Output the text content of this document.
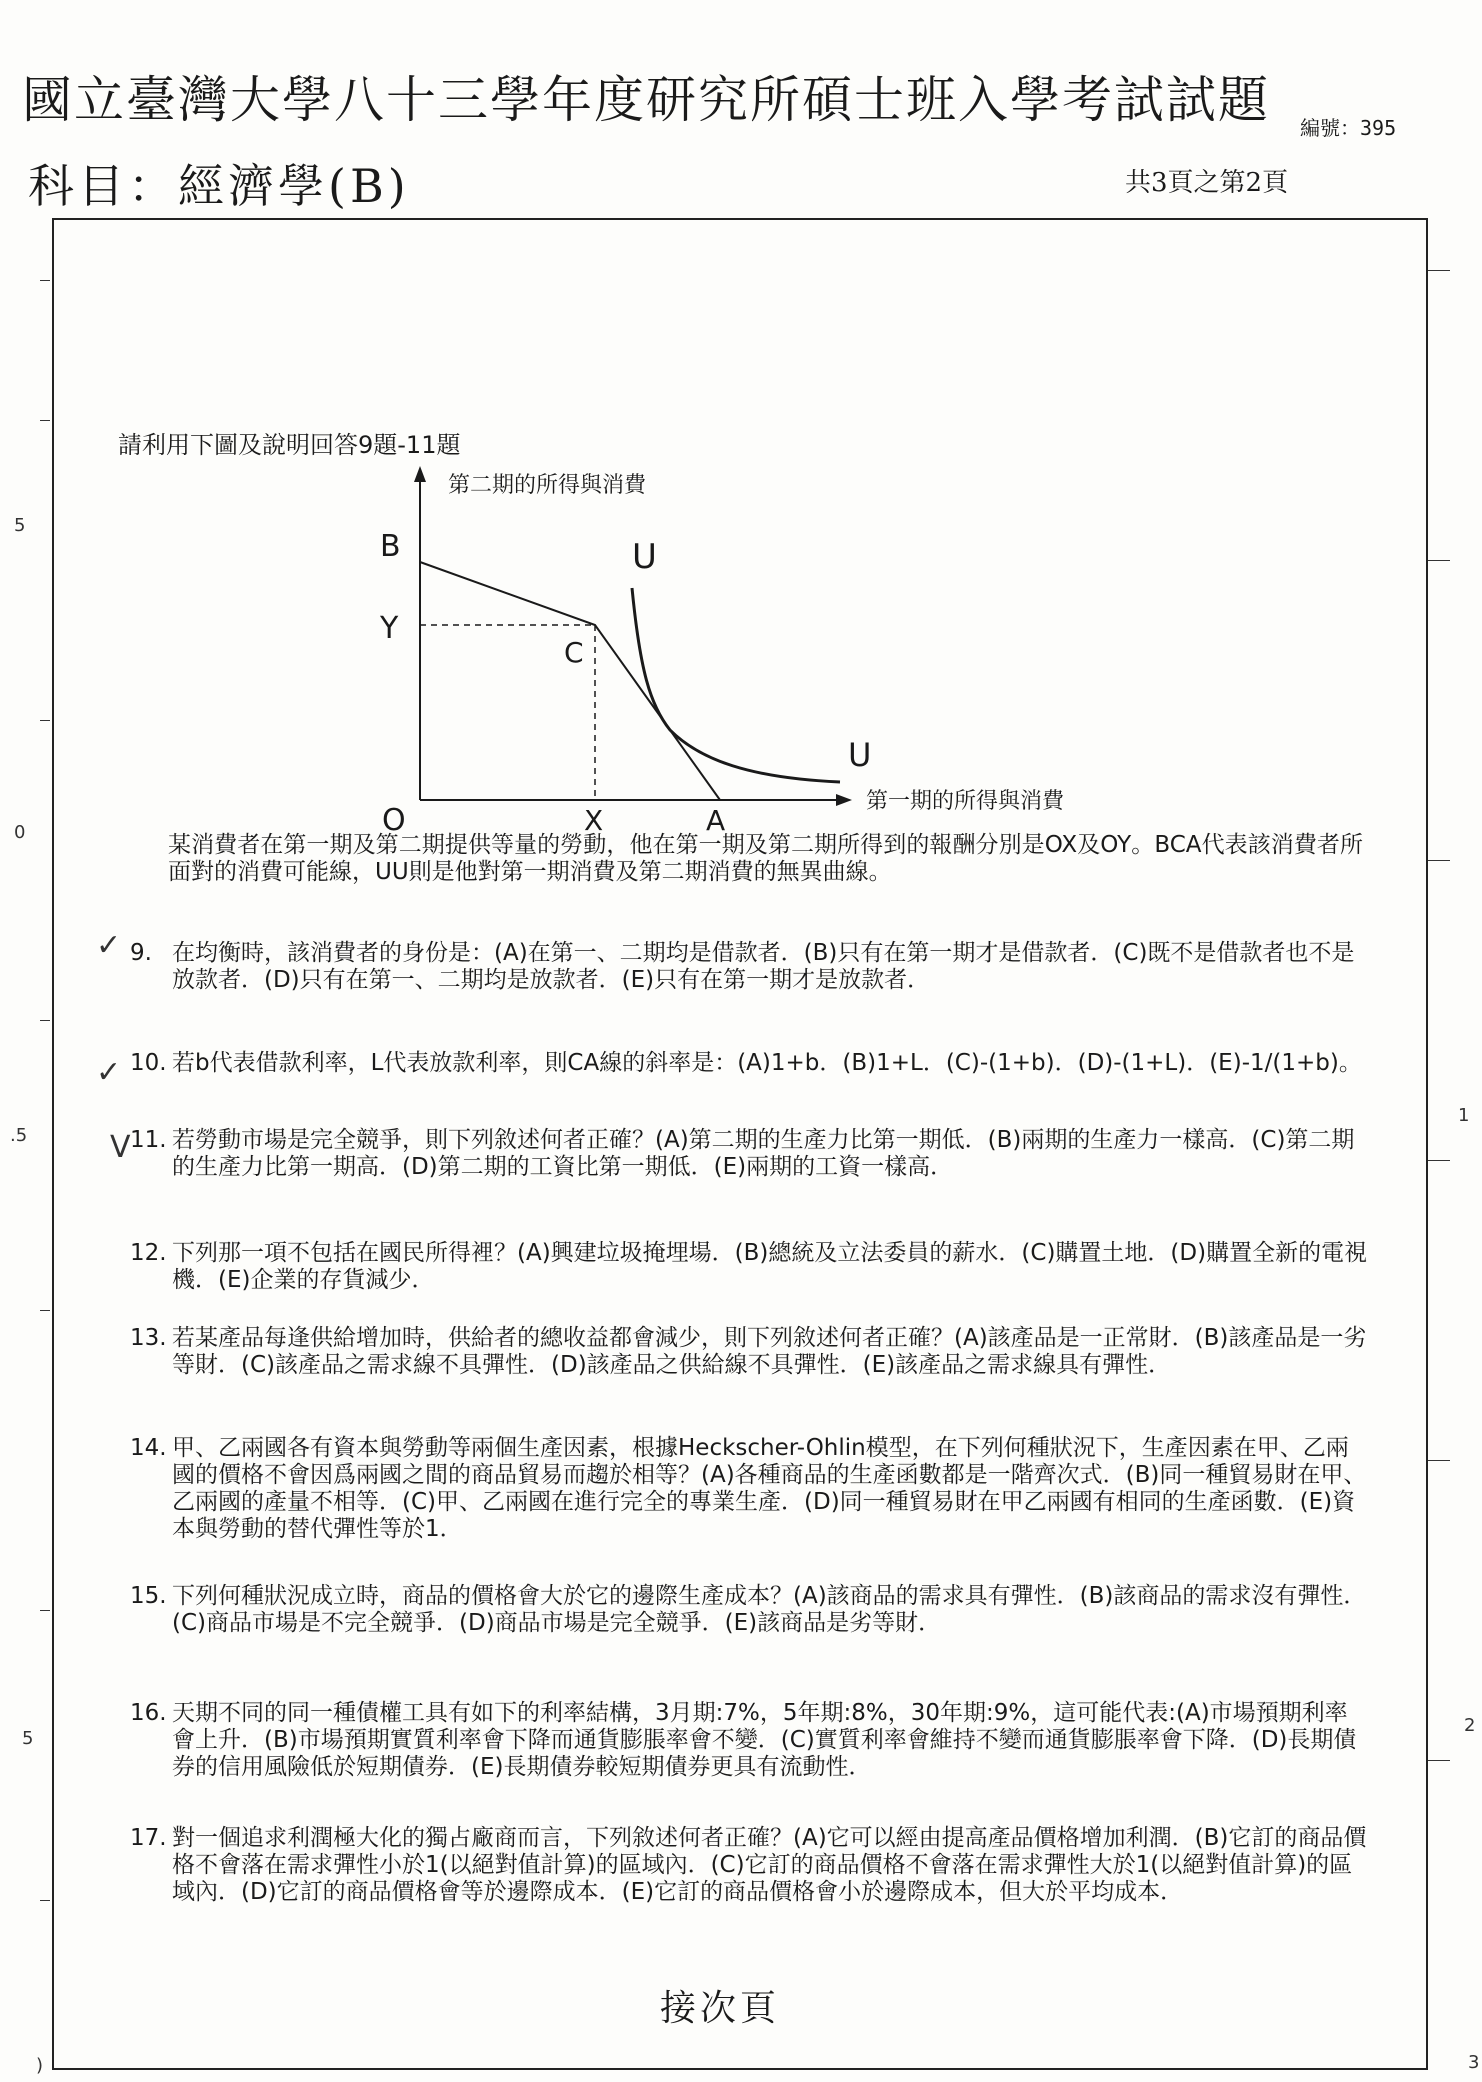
國立臺灣大學八十三學年度研究所碩士班入學考試試題 編號：395
科目：經濟學(B)	共3頁之第2頁
5
0
.5
5
)
1
2
3
請利用下圖及說明回答9題-11題
第二期的所得與消費
第一期的所得與消費
B
Y
C
O	X	A
U
U
某消費者在第一期及第二期提供等量的勞動，他在第一期及第二期所得到的報酬分別是OX及OY。BCA代表該消費者所面對的消費可能線，UU則是他對第一期消費及第二期消費的無異曲線。
✓
✓
V
9. 在均衡時，該消費者的身份是：(A)在第一、二期均是借款者．(B)只有在第一期才是借款者．(C)既不是借款者也不是放款者．(D)只有在第一、二期均是放款者．(E)只有在第一期才是放款者．
10. 若b代表借款利率，L代表放款利率，則CA線的斜率是：(A)1+b．(B)1+L．(C)-(1+b)．(D)-(1+L)．(E)-1/(1+b)。
11. 若勞動市場是完全競爭，則下列敘述何者正確？(A)第二期的生產力比第一期低．(B)兩期的生產力一樣高．(C)第二期的生產力比第一期高．(D)第二期的工資比第一期低．(E)兩期的工資一樣高．
12. 下列那一項不包括在國民所得裡？(A)興建垃圾掩埋場．(B)總統及立法委員的薪水．(C)購置土地．(D)購置全新的電視機．(E)企業的存貨減少．
13. 若某產品每逢供給增加時，供給者的總收益都會減少，則下列敘述何者正確？(A)該產品是一正常財．(B)該產品是一劣等財．(C)該產品之需求線不具彈性．(D)該產品之供給線不具彈性．(E)該產品之需求線具有彈性．
14. 甲、乙兩國各有資本與勞動等兩個生產因素，根據Heckscher-Ohlin模型，在下列何種狀況下，生產因素在甲、乙兩國的價格不會因爲兩國之間的商品貿易而趨於相等？(A)各種商品的生產函數都是一階齊次式．(B)同一種貿易財在甲、乙兩國的產量不相等．(C)甲、乙兩國在進行完全的專業生產．(D)同一種貿易財在甲乙兩國有相同的生產函數．(E)資本與勞動的替代彈性等於1．
15. 下列何種狀況成立時，商品的價格會大於它的邊際生產成本？(A)該商品的需求具有彈性．(B)該商品的需求沒有彈性．(C)商品市場是不完全競爭．(D)商品市場是完全競爭．(E)該商品是劣等財．
16. 天期不同的同一種債權工具有如下的利率結構，3月期:7%，5年期:8%，30年期:9%，這可能代表:(A)市場預期利率會上升．(B)市場預期實質利率會下降而通貨膨脹率會不變．(C)實質利率會維持不變而通貨膨脹率會下降．(D)長期債券的信用風險低於短期債券．(E)長期債券較短期債券更具有流動性．
17. 對一個追求利潤極大化的獨占廠商而言，下列敘述何者正確？(A)它可以經由提高產品價格增加利潤．(B)它訂的商品價格不會落在需求彈性小於1(以絕對值計算)的區域內．(C)它訂的商品價格不會落在需求彈性大於1(以絕對值計算)的區域內．(D)它訂的商品價格會等於邊際成本．(E)它訂的商品價格會小於邊際成本，但大於平均成本．
接次頁
